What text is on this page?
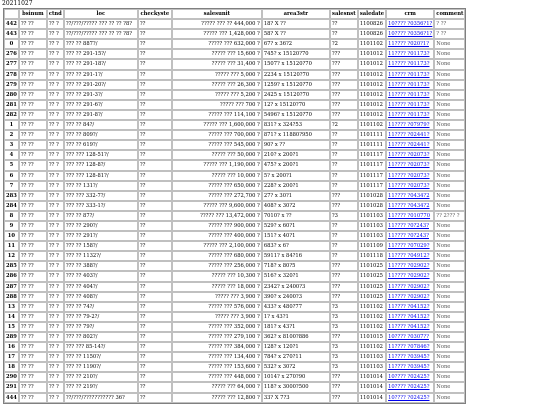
20211027
	bsinum	ctnd	loc	checkyste	salesunit	area3str	salesnst	saledate	crm	comment
442	?? ??	?? ?	??/???/????? ??? ?? ?? ?8?	??	????? ??? ?? 444,000 ?	18? X ??	??	1100826	10???? ?0356?1?	? ??
443	?? ??	?? ?	??/???/????? ??? ?? ?? ?8?	??	????? ??? 1,428,000 ?	58? X ??	??	1100826	10???? ?0356?1?	? ??
0	?? ??	?? ?	??? ?? 887?/	??	????? ??? 632,000 ?	67? x 36?2	?2	1101102	11???? ?020?1?	None
276	?? ??	?? ?	??? ?? 291-15?/	??	????? ??? 15,600 ?	745? x 15120?70	???	1101012	11???? ?01173?	None
277	?? ??	?? ?	??? ?? 291-18?/	??	????? ??? 31,400 ?	1507? x 15120?70	???	1101012	11???? ?01173?	None
278	?? ??	?? ?	??? ?? 291-1?/	??	????? ??? 5,000 ?	2234 x 15120?70	???	1101012	11???? ?01173?	None
279	?? ??	?? ?	??? ?? 291-20?/	??	????? ??? 26,300 ?	1259? x 15120?70	???	1101012	11???? ?01173?	None
280	?? ??	?? ?	??? ?? 291-3?/	??	????? ??? 5,200 ?	2425 x 15120?70	???	1101012	11???? ?01173?	None
281	?? ??	?? ?	??? ?? 291-6?/	??	????? ??? 700 ?	12? x 15120?70	???	1101012	11???? ?01173?	None
282	?? ??	?? ?	??? ?? 291-8?/	??	????? ??? 114,100 ?	5496? x 15120?70	???	1101012	11???? ?01173?	None
1	?? ??	?? ?	??? ?? 84?/	??	????? ??? 1,600,000 ?	831? x 324?53	?2	1101102	11???? ?07979?	None
2	?? ??	?? ?	??? ?? 809?/	??	????? ??? 700,000 ?	871? x 11880?950	??	1101111	11???? ?02441?	None
3	?? ??	?? ?	??? ?? 619?/	??	????? ??? 545,000 ?	90? x ??	??	1101111	11???? ?02441?	None
4	?? ??	?? ?	??? ??? 128-51?/	??	????? ??? 50,000 ?	210? x 200?1	??	1101117	11???? ?02073?	None
5	?? ??	?? ?	??? ??? 128-8?/	??	????? ??? 1,190,000 ?	475? x 200?1	??	1101117	11???? ?02073?	None
6	?? ??	?? ?	??? ??? 128-81?/	??	????? ??? 10,000 ?	5? x 200?1	??	1101117	11???? ?02073?	None
7	?? ??	?? ?	??? ?? 131?/	??	????? ??? 650,000 ?	228? x 200?1	??	1101117	11???? ?02073?	None
283	?? ??	?? ?	??? ??? 332-7?/	??	????? ??? 272,700 ?	27? x 30?1	???	1101028	11???? ?0434?2	None
284	?? ??	?? ?	??? ??? 333-1?/	??	????? ??? 9,600,000 ?	408? x 30?2	???	1101028	11???? ?0434?2	None
8	?? ??	?? ?	??? ?? 87?/	??	????? ??? 13,472,000 ?	7010? x ??	?3	1101103	11???? ?010770	?? 2??? ?
9	?? ??	?? ?	??? ?? 290?/	??	????? ??? 900,000 ?	529? x 60?1	??	1101103	11???? ?0?243?	None
10	?? ??	?? ?	??? ?? 291?/	??	????? ??? 400,000 ?	151? x 40?1	??	1101103	11???? ?0?243?	None
11	?? ??	?? ?	??? ?? 158?/	??	????? ??? 2,100,000 ?	683? x 6?	??	1101109	11???? ?07029?	None
12	?? ??	?? ?	??? ?? 1132?/	??	????? ??? 680,000 ?	5911? x 84?16	??	1101118	11???? ?04912?	None
285	?? ??	?? ?	??? ?? 388?/	??	????? ??? 256,000 ?	718? x 80?5	???	1101025	11???? ?02902?	None
286	?? ??	?? ?	??? ?? 403?/	??	????? ??? 10,300 ?	516? x 320?1	???	1101025	11???? ?02902?	None
287	?? ??	?? ?	??? ?? 404?/	??	????? ??? 18,000 ?	2342? x 2400?3	???	1101025	11???? ?02902?	None
288	?? ??	?? ?	??? ?? 408?/	??	????? ??? 3,900 ?	390? x 2400?3	???	1101025	11???? ?02902?	None
13	?? ??	?? ?	??? ?? 74?/	??	????? ??? 576,000 ?	433? x 480?77	?3	1101102	11???? ?04152?	None
14	?? ??	?? ?	??? ?? 79-2?/	??	????? ??? 3,900 ?	1? x 43?1	?3	1101102	11???? ?04152?	None
15	?? ??	?? ?	??? ?? 79?/	??	????? ??? 352,000 ?	181? x 43?1	?3	1101102	11???? ?04152?	None
289	?? ??	?? ?	??? ?? 802?/	??	????? ??? 279,100 ?	362? x 8100?886	???	1101015	10???? ?0307??	None
16	?? ??	?? ?	??? ??? 85-14?/	??	????? ??? 384,000 ?	128? x 120?1	?3	1101102	11???? ?07846?	None
17	?? ??	?? ?	??? ?? 1150?/	??	????? ??? 134,400 ?	784? x 270?11	?3	1101103	11???? ?03945?	None
18	?? ??	?? ?	??? ?? 1190?/	??	????? ??? 153,600 ?	532? x 30?2	?3	1101103	11???? ?03945?	None
290	?? ??	?? ?	??? ?? 210?/	??	????? ??? 448,000 ?	1014? x 270?90	???	1101014	10???? ?02425?	None
291	?? ??	?? ?	??? ?? 219?/	??	????? ??? 64,000 ?	118? x 3000?500	???	1101014	10???? ?02425?	None
444	?? ??	?? ?	??/???/??????????? 36?	??	????? ??? 12,800 ?	33? X 7?3	???	1101014	10???? ?02425?	None
